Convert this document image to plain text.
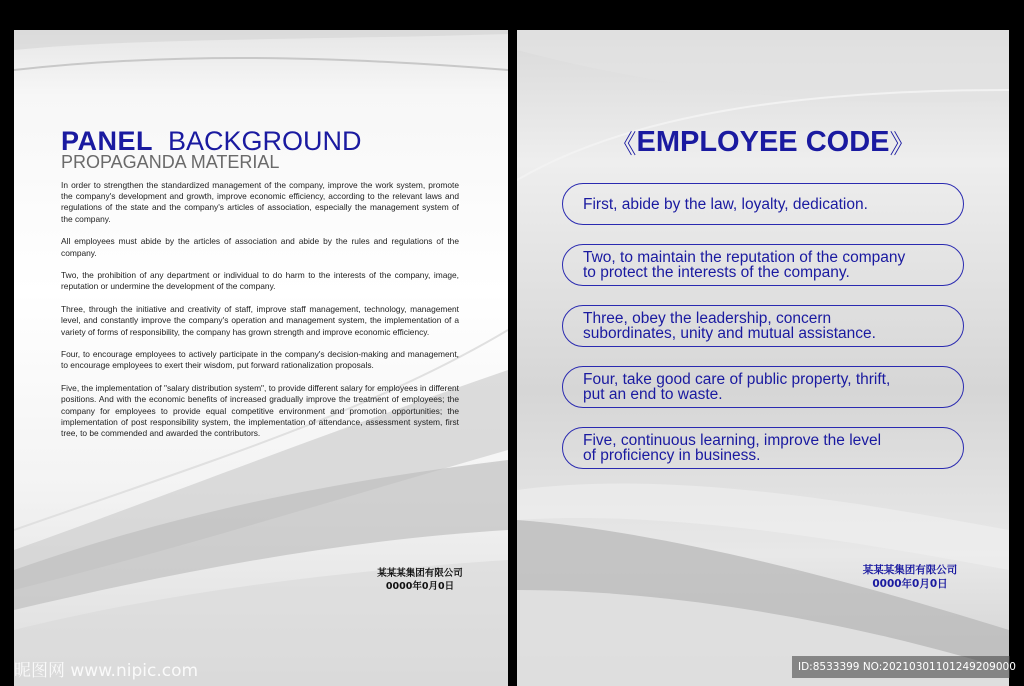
PANEL BACKGROUND
PROPAGANDA MATERIAL

In order to strengthen the standardized management of the company, improve the work system, promote the company's development and growth, improve economic efficiency, according to the relevant laws and regulations of the state and the company's articles of association, especially the management system of the company.

All employees must abide by the articles of association and abide by the rules and regulations of the company.

Two, the prohibition of any department or individual to do harm to the interests of the company, image, reputation or undermine the development of the company.

Three, through the initiative and creativity of staff, improve staff management, technology, management level, and constantly improve the company's operation and management system, the implementation of a variety of forms of responsibility, the company has grown strength and improve economic efficiency.

Four, to encourage employees to actively participate in the company's decision-making and management, to encourage employees to exert their wisdom, put forward rationalization proposals.

Five, the implementation of "salary distribution system", to provide different salary for employees in different positions. And with the economic benefits of increased gradually improve the treatment of employees; the company for employees to provide equal competitive environment and promotion opportunities; the implementation of post responsibility system, the implementation of attendance, assessment system, first tree, to be commended and awarded the contributors.

某某某集团有限公司
0000年0月0日
《EMPLOYEE CODE》
First, abide by the law, loyalty, dedication.
Two, to maintain the reputation of the company
to protect the interests of the company.
Three, obey the leadership, concern
subordinates, unity and mutual assistance.
Four, take good care of public property, thrift,
put an end to waste.
Five, continuous learning, improve the level
of proficiency in business.
某某某集团有限公司
0000年0月0日
昵图网 www.nipic.com	ID:8533399 NO:20210301101249209000
